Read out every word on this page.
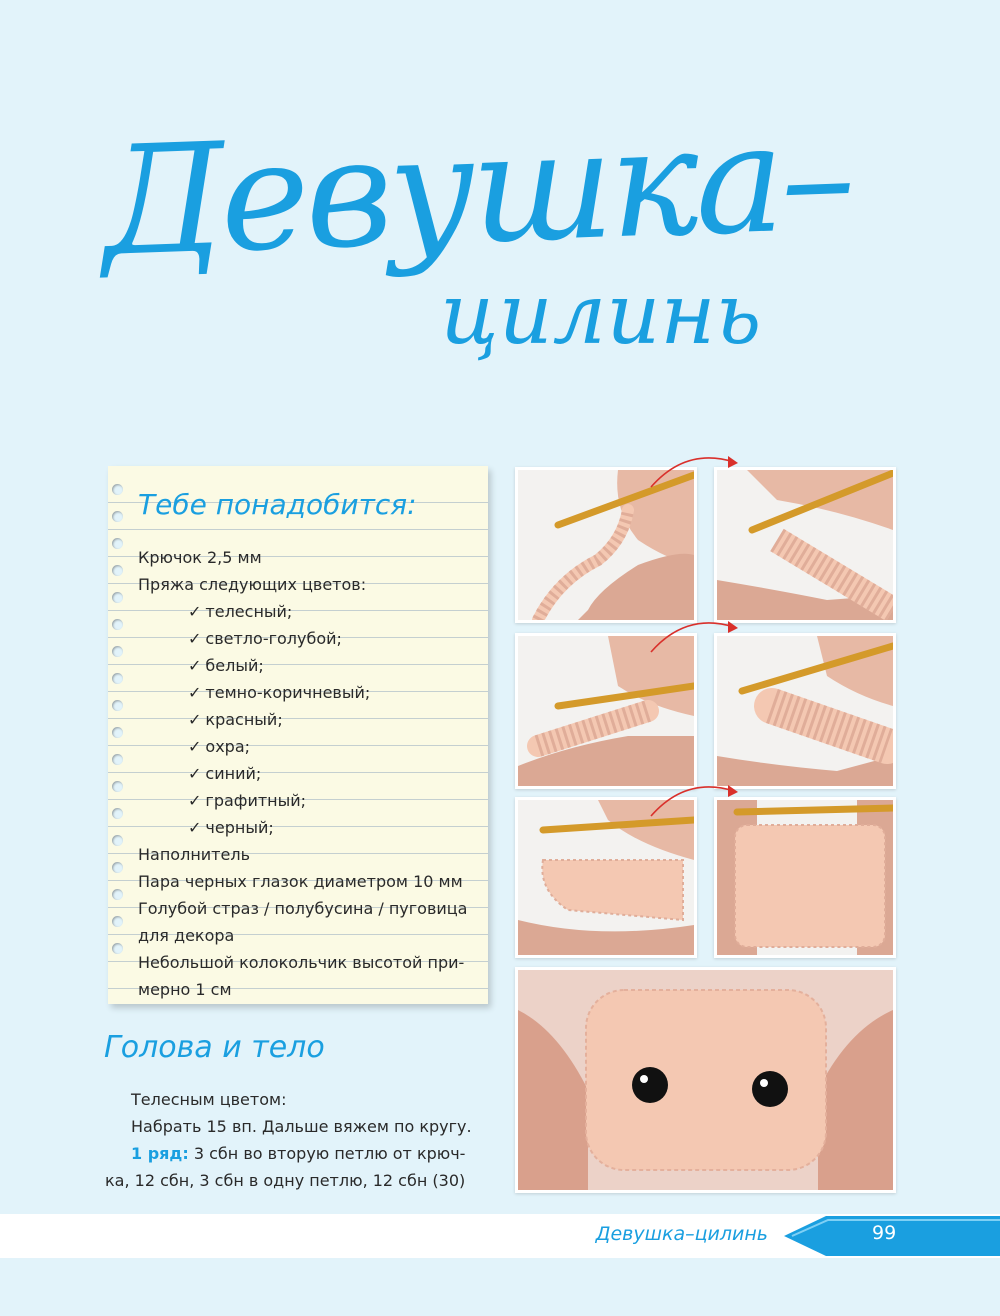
Девушка–
цилинь
Тебе понадобится:
Крючок 2,5 мм
Пряжа следующих цветов:
✓ телесный;
✓ светло-голубой;
✓ белый;
✓ темно-коричневый;
✓ красный;
✓ охра;
✓ синий;
✓ графитный;
✓ черный;
Наполнитель
Пара черных глазок диаметром 10 мм
Голубой страз / полубусина / пуговица
для декора
Небольшой колокольчик высотой при-
мерно 1 см
Голова и тело
Телесным цветом:
Набрать 15 вп. Дальше вяжем по кругу.
1 ряд: 3 сбн во вторую петлю от крюч-
ка, 12 сбн, 3 сбн в одну петлю, 12 сбн (30)
Девушка–цилинь	99
